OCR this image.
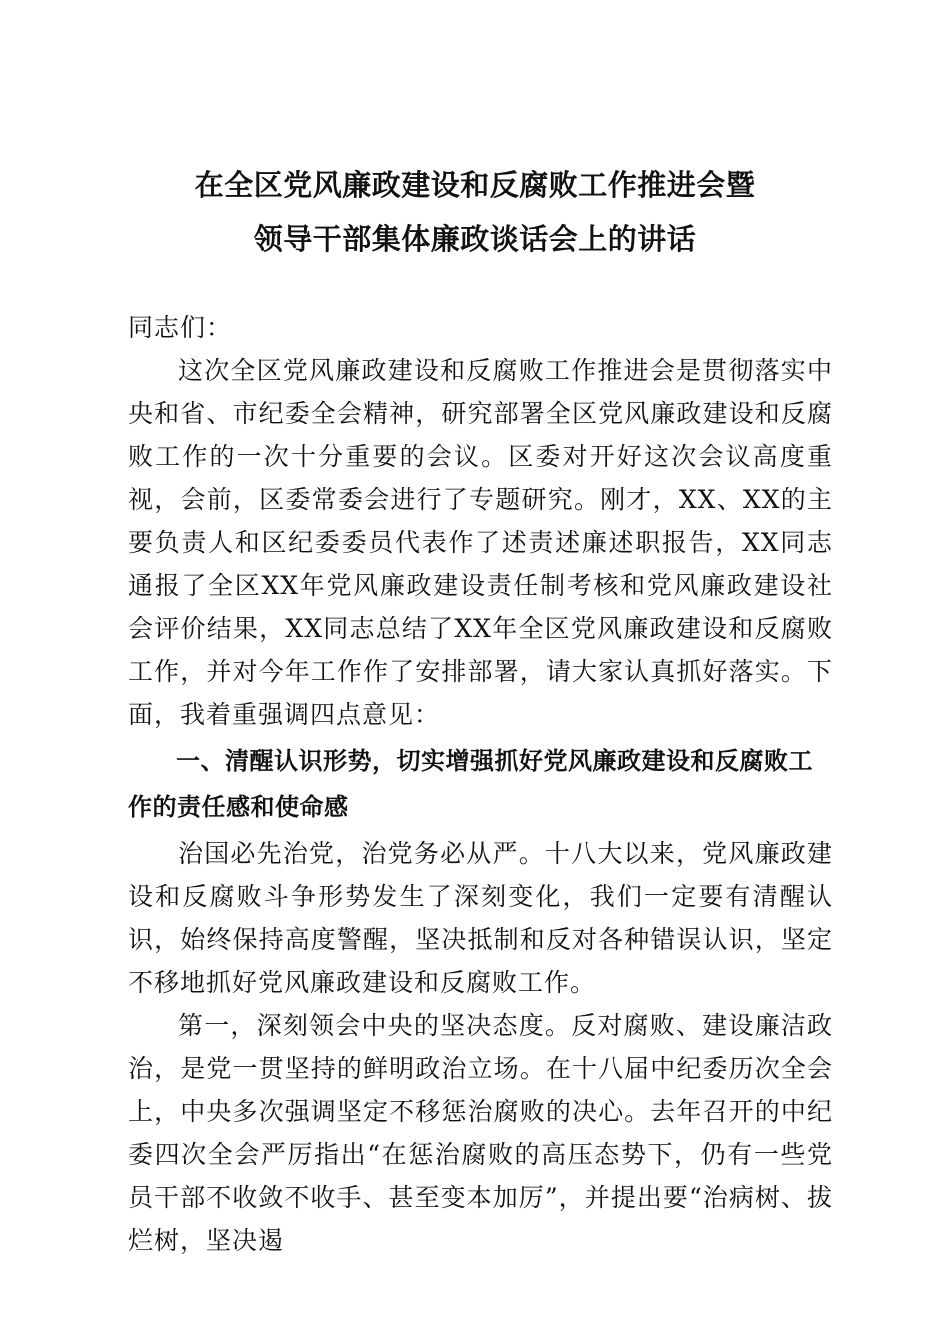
在全区党风廉政建设和反腐败工作推进会暨
领导干部集体廉政谈话会上的讲话

同志们：

这次全区党风廉政建设和反腐败工作推进会是贯彻落实中央和省、市纪委全会精神，研究部署全区党风廉政建设和反腐败工作的一次十分重要的会议。区委对开好这次会议高度重视，会前，区委常委会进行了专题研究。刚才，XX、XX的主要负责人和区纪委委员代表作了述责述廉述职报告，XX同志通报了全区XX年党风廉政建设责任制考核和党风廉政建设社会评价结果，XX同志总结了XX年全区党风廉政建设和反腐败工作，并对今年工作作了安排部署，请大家认真抓好落实。下面，我着重强调四点意见：

一、清醒认识形势，切实增强抓好党风廉政建设和反腐败工作的责任感和使命感

治国必先治党，治党务必从严。十八大以来，党风廉政建设和反腐败斗争形势发生了深刻变化，我们一定要有清醒认识，始终保持高度警醒，坚决抵制和反对各种错误认识，坚定不移地抓好党风廉政建设和反腐败工作。

第一，深刻领会中央的坚决态度。反对腐败、建设廉洁政治，是党一贯坚持的鲜明政治立场。在十八届中纪委历次全会上，中央多次强调坚定不移惩治腐败的决心。去年召开的中纪委四次全会严厉指出“在惩治腐败的高压态势下，仍有一些党员干部不收敛不收手、甚至变本加厉”，并提出要“治病树、拔烂树，坚决遏
